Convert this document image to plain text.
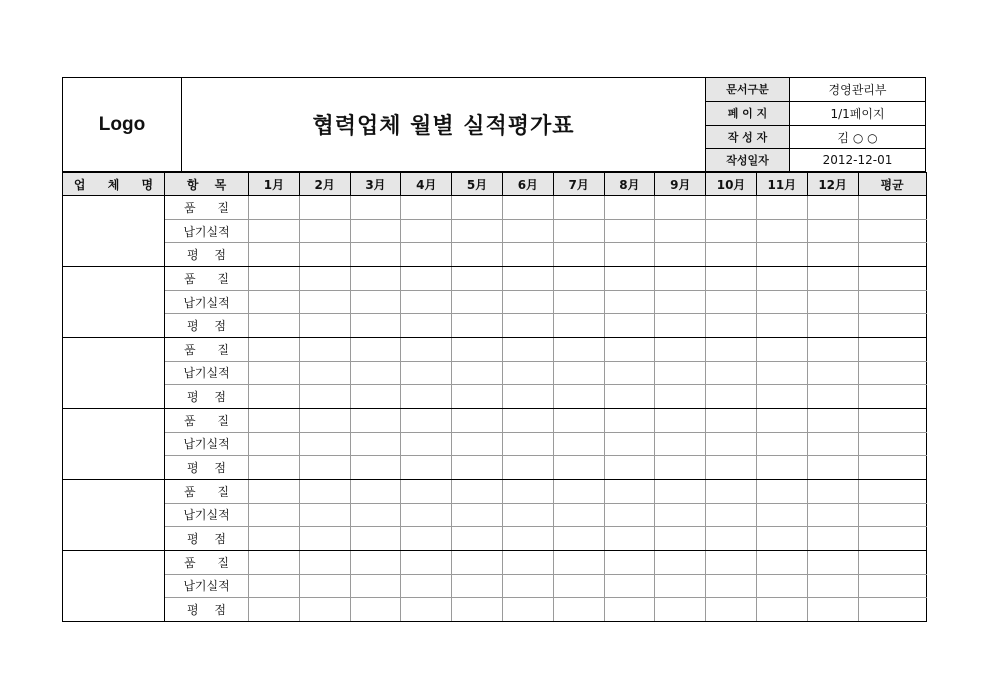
Logo	협력업체 월별 실적평가표	문서구분	경영관리부
		페 이 지	1/1페이지
		작 성 자	김 ○ ○
		작성일자	2012-12-01
업 체 명	항 목	1月	2月	3月	4月	5月	6月	7月	8月	9月	10月	11月	12月	평균
	품 질													
	납기실적													
	평 점													
	품 질													
	납기실적													
	평 점													
	품 질													
	납기실적													
	평 점													
	품 질													
	납기실적													
	평 점													
	품 질													
	납기실적													
	평 점													
	품 질													
	납기실적													
	평 점													
